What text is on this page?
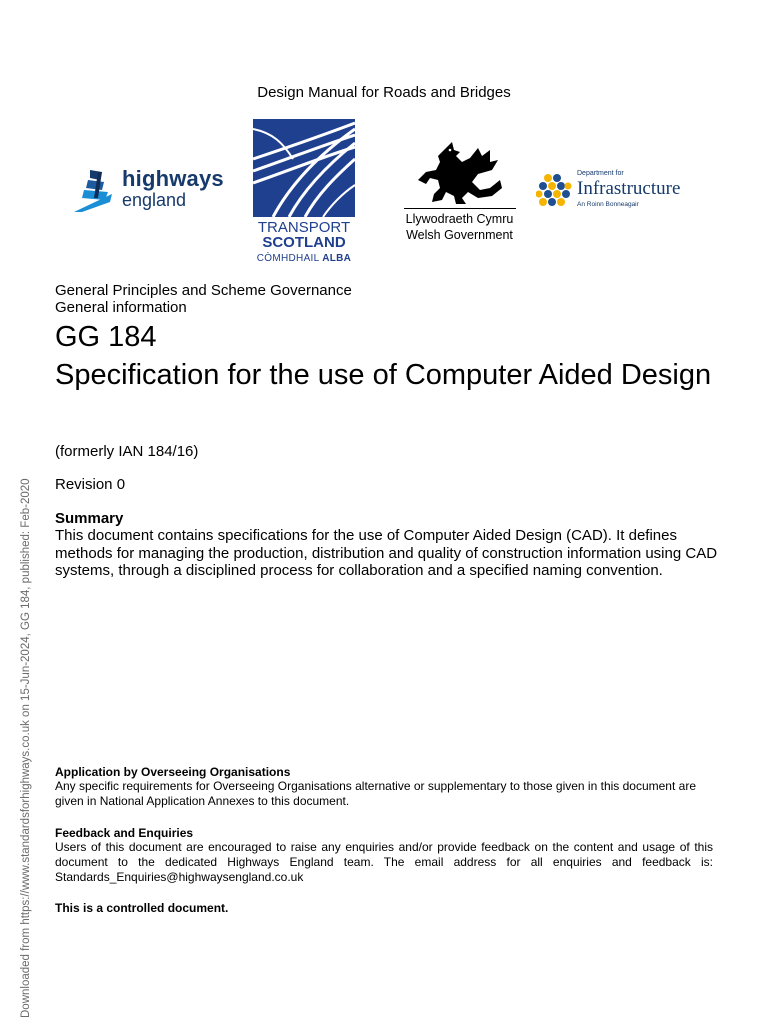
Design Manual for Roads and Bridges
highways
england
TRANSPORT
SCOTLAND
CÒMHDHAIL ALBA
Llywodraeth Cymru
Welsh Government
Department for
Infrastructure
An Roinn Bonneagair
General Principles and Scheme Governance
General information
GG 184
Specification for the use of Computer Aided Design
(formerly IAN 184/16)
Revision 0
Summary
This document contains specifications for the use of Computer Aided Design (CAD). It defines methods for managing the production, distribution and quality of construction information using CAD systems, through a disciplined process for collaboration and a specified naming convention.
Application by Overseeing Organisations
Any specific requirements for Overseeing Organisations alternative or supplementary to those given in this document are given in National Application Annexes to this document.
Feedback and Enquiries
Users of this document are encouraged to raise any enquiries and/or provide feedback on the content and usage of this document to the dedicated Highways England team. The email address for all enquiries and feedback is: Standards_Enquiries@highwaysengland.co.uk
This is a controlled document.
Downloaded from https://www.standardsforhighways.co.uk on 15-Jun-2024, GG 184, published: Feb-2020
